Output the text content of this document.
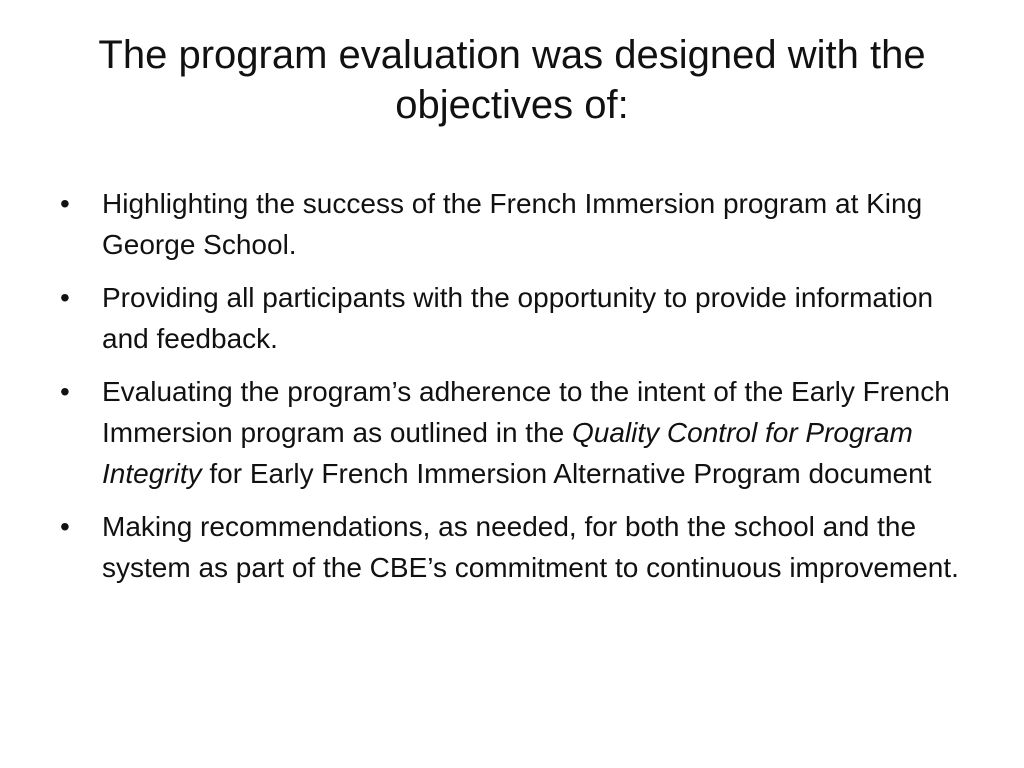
The program evaluation was designed with the objectives of:
•	Highlighting the success of the French Immersion program at King George School.
•	Providing all participants with the opportunity to provide information and feedback.
•	Evaluating the program’s adherence to the intent of the Early French Immersion program as outlined in the Quality Control for Program Integrity for Early French Immersion Alternative Program document
•	Making recommendations, as needed, for both the school and the system as part of the CBE’s commitment to continuous improvement.
